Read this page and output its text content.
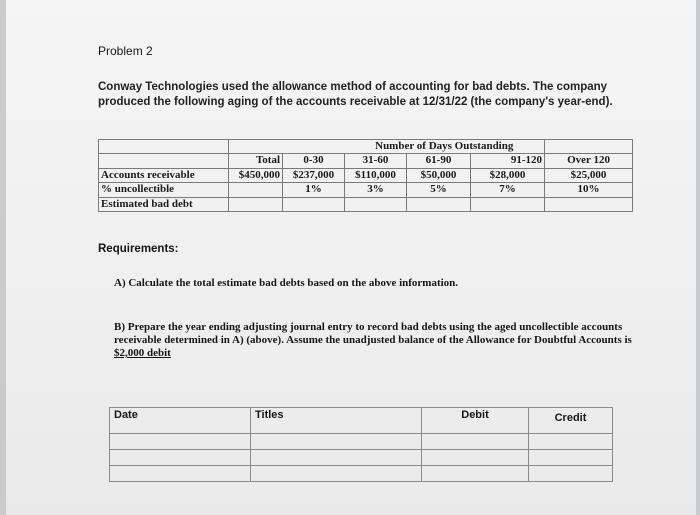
Problem 2
Conway Technologies used the allowance method of accounting for bad debts. The company produced the following aging of the accounts receivable at 12/31/22 (the company's year-end).
			Number of Days Outstanding			
	Total	0-30	31-60	61-90	91-120	Over 120
Accounts receivable	$450,000	$237,000	$110,000	$50,000	$28,000	$25,000
% uncollectible		1%	3%	5%	7%	10%
Estimated bad debt						
Requirements:
A) Calculate the total estimate bad debts based on the above information.
B) Prepare the year ending adjusting journal entry to record bad debts using the aged uncollectible accounts receivable determined in A) (above). Assume the unadjusted balance of the Allowance for Doubtful Accounts is $2,000 debit
Date	Titles	Debit	Credit
